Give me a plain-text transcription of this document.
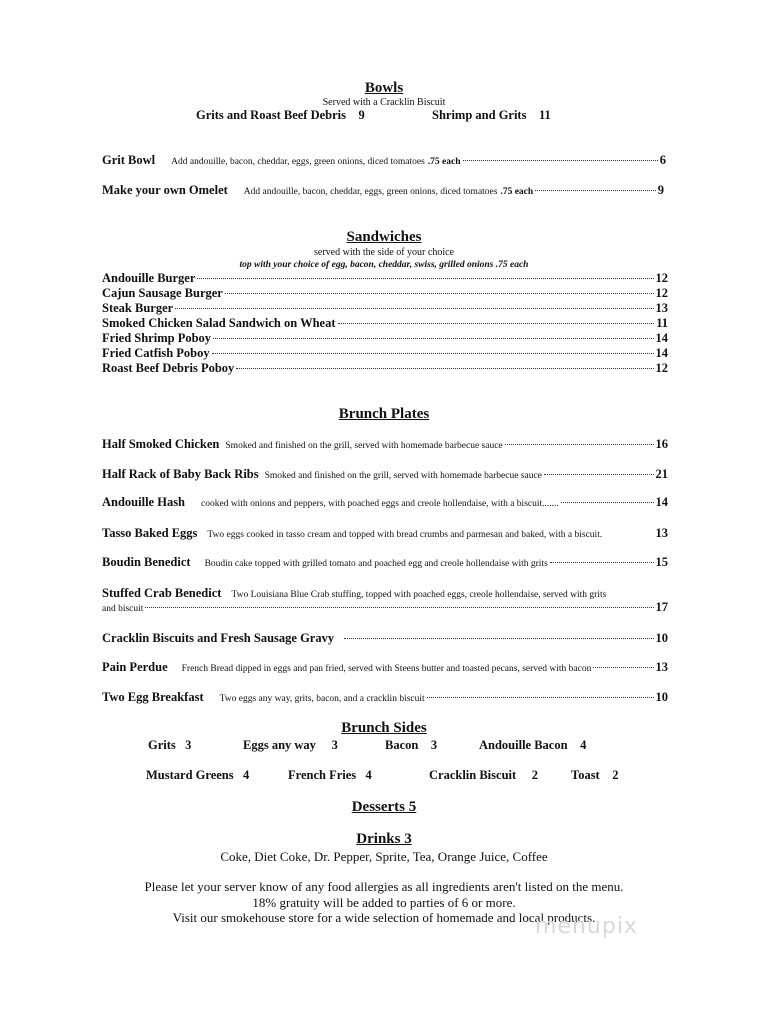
Bowls
Served with a Cracklin Biscuit
Grits and Roast Beef Debris 9	Shrimp and Grits 11
Grit Bowl Add andouille, bacon, cheddar, eggs, green onions, diced tomatoes .75 each	6
Make your own Omelet Add andouille, bacon, cheddar, eggs, green onions, diced tomatoes .75 each	9
Sandwiches
served with the side of your choice
top with your choice of egg, bacon, cheddar, swiss, grilled onions .75 each
Andouille Burger	12
Cajun Sausage Burger	12
Steak Burger	13
Smoked Chicken Salad Sandwich on Wheat	11
Fried Shrimp Poboy	14
Fried Catfish Poboy	14
Roast Beef Debris Poboy	12
Brunch Plates
Half Smoked Chicken Smoked and finished on the grill, served with homemade barbecue sauce	16
Half Rack of Baby Back Ribs Smoked and finished on the grill, served with homemade barbecue sauce	21
Andouille Hash cooked with onions and peppers, with poached eggs and creole hollendaise, with a biscuit.......	14
Tasso Baked Eggs Two eggs cooked in tasso cream and topped with bread crumbs and parmesan and baked, with a biscuit.	13
Boudin Benedict Boudin cake topped with grilled tomato and poached egg and creole hollendaise with grits	15
Stuffed Crab Benedict Two Louisiana Blue Crab stuffing, topped with poached eggs, creole hollendaise, served with grits
and biscuit	17
Cracklin Biscuits and Fresh Sausage Gravy	10
Pain Perdue French Bread dipped in eggs and pan fried, served with Steens butter and toasted pecans, served with bacon	13
Two Egg Breakfast Two eggs any way, grits, bacon, and a cracklin biscuit	10
Brunch Sides
Grits 3	Eggs any way 3	Bacon 3	Andouille Bacon 4
Mustard Greens 4	French Fries 4	Cracklin Biscuit 2	Toast 2
Desserts 5
Drinks 3
Coke, Diet Coke, Dr. Pepper, Sprite, Tea, Orange Juice, Coffee
Please let your server know of any food allergies as all ingredients aren't listed on the menu.
18% gratuity will be added to parties of 6 or more.
Visit our smokehouse store for a wide selection of homemade and local products.
menupix
